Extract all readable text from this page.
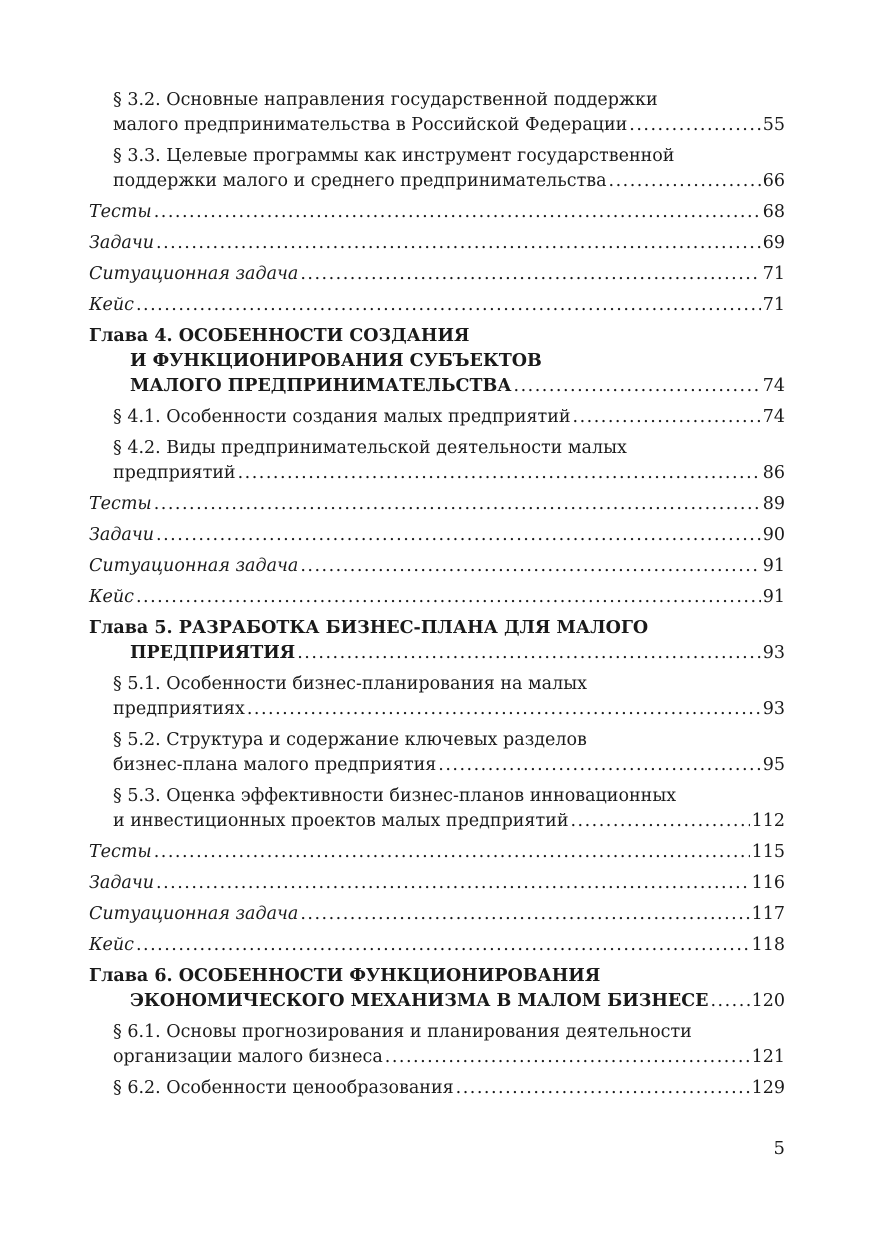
§ 3.2. Основные направления государственной поддержки
малого предпринимательства в Российской Федерации .....	55
§ 3.3. Целевые программы как инструмент государственной
поддержки малого и среднего предпринимательства .....	66
Тесты .....	68
Задачи .....	69
Ситуационная задача .....	71
Кейс .....	71
Глава 4. ОСОБЕННОСТИ СОЗДАНИЯ
И ФУНКЦИОНИРОВАНИЯ СУБЪЕКТОВ
МАЛОГО ПРЕДПРИНИМАТЕЛЬСТВА .....	74
§ 4.1. Особенности создания малых предприятий .....	74
§ 4.2. Виды предпринимательской деятельности малых
предприятий .....	86
Тесты .....	89
Задачи .....	90
Ситуационная задача .....	91
Кейс .....	91
Глава 5. РАЗРАБОТКА БИЗНЕС-ПЛАНА ДЛЯ МАЛОГО
ПРЕДПРИЯТИЯ .....	93
§ 5.1. Особенности бизнес-планирования на малых
предприятиях .....	93
§ 5.2. Структура и содержание ключевых разделов
бизнес-плана малого предприятия .....	95
§ 5.3. Оценка эффективности бизнес-планов инновационных
и инвестиционных проектов малых предприятий .....	112
Тесты .....	115
Задачи .....	116
Ситуационная задача .....	117
Кейс .....	118
Глава 6. ОСОБЕННОСТИ ФУНКЦИОНИРОВАНИЯ
ЭКОНОМИЧЕСКОГО МЕХАНИЗМА В МАЛОМ БИЗНЕСЕ ..... 120
§ 6.1. Основы прогнозирования и планирования деятельности
организации малого бизнеса .....	121
§ 6.2. Особенности ценообразования .....	129
5
